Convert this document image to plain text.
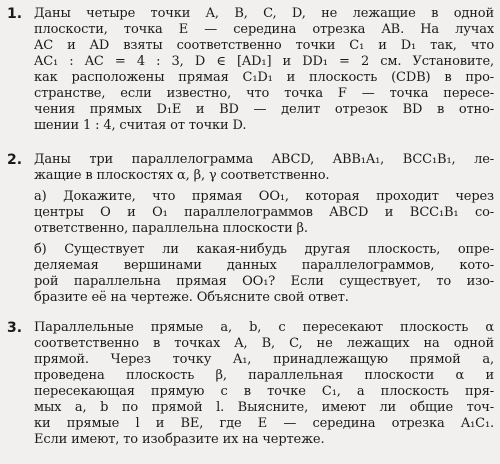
1. Даны четыре точки A, B, C, D, не лежащие в одной
плоскости, точка E — середина отрезка AB. На лучах
AC и AD взяты соответственно точки C₁ и D₁ так, что
AC₁ : AC = 4 : 3, D ∈ [AD₁] и DD₁ = 2 см. Установите,
как расположены прямая C₁D₁ и плоскость (CDB) в про-
странстве, если известно, что точка F — точка пересе-
чения прямых D₁E и BD — делит отрезок BD в отно-
шении 1 : 4, считая от точки D.
2. Даны три параллелограмма ABCD, ABB₁A₁, BCC₁B₁, ле-
жащие в плоскостях α, β, γ соответственно.
а) Докажите, что прямая OO₁, которая проходит через
центры O и O₁ параллелограммов ABCD и BCC₁B₁ со-
ответственно, параллельна плоскости β.
б) Существует ли какая-нибудь другая плоскость, опре-
деляемая вершинами данных параллелограммов, кото-
рой параллельна прямая OO₁? Если существует, то изо-
бразите её на чертеже. Объясните свой ответ.
3. Параллельные прямые a, b, c пересекают плоскость α
соответственно в точках A, B, C, не лежащих на одной
прямой. Через точку A₁, принадлежащую прямой a,
проведена плоскость β, параллельная плоскости α и
пересекающая прямую c в точке C₁, а плоскость пря-
мых a, b по прямой l. Выясните, имеют ли общие точ-
ки прямые l и BE, где E — середина отрезка A₁C₁.
Если имеют, то изобразите их на чертеже.
